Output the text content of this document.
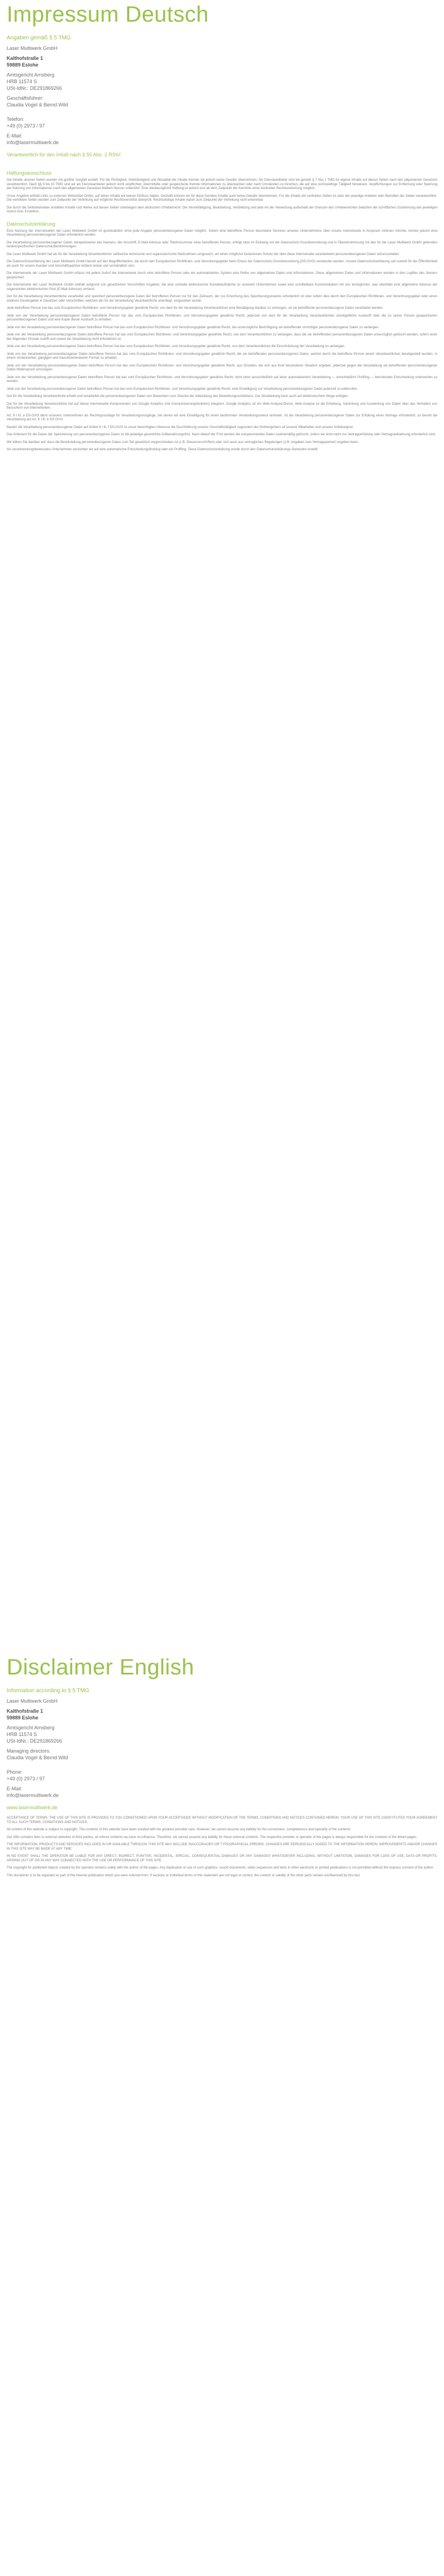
Impressum Deutsch

Angaben gemäß § 5 TMG

Laser Multiwerk GmbH

Kalthofstraße 1

59889 Eslohe

Amtsgericht Arnsberg

HRB 11574 S

USt-IdNr.: DE291869266

Geschäftsführer:

Claudia Vogel & Bernd Wild

Telefon:

+49 (0) 2973 / 97

E-Mail:

info@lasermultiwerk.de

Verantwortlich für den Inhalt nach § 55 Abs. 2 RStV:

Haftungsausschluss

Die Inhalte unserer Seiten wurden mit größter Sorgfalt erstellt. Für die Richtigkeit, Vollständigkeit und Aktualität der Inhalte können wir jedoch keine Gewähr übernehmen. Als Diensteanbieter sind wir gemäß § 7 Abs.1 TMG für eigene Inhalte auf diesen Seiten nach den allgemeinen Gesetzen verantwortlich. Nach §§ 8 bis 10 TMG sind wir als Diensteanbieter jedoch nicht verpflichtet, übermittelte oder gespeicherte fremde Informationen zu überwachen oder nach Umständen zu forschen, die auf eine rechtswidrige Tätigkeit hinweisen. Verpflichtungen zur Entfernung oder Sperrung der Nutzung von Informationen nach den allgemeinen Gesetzen bleiben hiervon unberührt. Eine diesbezügliche Haftung ist jedoch erst ab dem Zeitpunkt der Kenntnis einer konkreten Rechtsverletzung möglich.

Unser Angebot enthält Links zu externen Webseiten Dritter, auf deren Inhalte wir keinen Einfluss haben. Deshalb können wir für diese fremden Inhalte auch keine Gewähr übernehmen. Für die Inhalte der verlinkten Seiten ist stets der jeweilige Anbieter oder Betreiber der Seiten verantwortlich. Die verlinkten Seiten wurden zum Zeitpunkt der Verlinkung auf mögliche Rechtsverstöße überprüft. Rechtswidrige Inhalte waren zum Zeitpunkt der Verlinkung nicht erkennbar.

Die durch die Seitenbetreiber erstellten Inhalte und Werke auf diesen Seiten unterliegen dem deutschen Urheberrecht. Die Vervielfältigung, Bearbeitung, Verbreitung und jede Art der Verwertung außerhalb der Grenzen des Urheberrechtes bedürfen der schriftlichen Zustimmung des jeweiligen Autors bzw. Erstellers.

Datenschutzerklärung

Eine Nutzung der Internetseiten der Laser Multiwerk GmbH ist grundsätzlich ohne jede Angabe personenbezogener Daten möglich. Sofern eine betroffene Person besondere Services unseres Unternehmens über unsere Internetseite in Anspruch nehmen möchte, könnte jedoch eine Verarbeitung personenbezogener Daten erforderlich werden.

Die Verarbeitung personenbezogener Daten, beispielsweise des Namens, der Anschrift, E-Mail-Adresse oder Telefonnummer einer betroffenen Person, erfolgt stets im Einklang mit der Datenschutz-Grundverordnung und in Übereinstimmung mit den für die Laser Multiwerk GmbH geltenden landesspezifischen Datenschutzbestimmungen.

Die Laser Multiwerk GmbH hat als für die Verarbeitung Verantwortlicher zahlreiche technische und organisatorische Maßnahmen umgesetzt, um einen möglichst lückenlosen Schutz der über diese Internetseite verarbeiteten personenbezogenen Daten sicherzustellen.

Die Datenschutzerklärung der Laser Multiwerk GmbH beruht auf den Begrifflichkeiten, die durch den Europäischen Richtlinien- und Verordnungsgeber beim Erlass der Datenschutz-Grundverordnung (DS-GVO) verwendet wurden. Unsere Datenschutzerklärung soll sowohl für die Öffentlichkeit als auch für unsere Kunden und Geschäftspartner einfach lesbar und verständlich sein.

Die Internetseite der Laser Multiwerk GmbH erfasst mit jedem Aufruf der Internetseite durch eine betroffene Person oder ein automatisiertes System eine Reihe von allgemeinen Daten und Informationen. Diese allgemeinen Daten und Informationen werden in den Logfiles des Servers gespeichert.

Die Internetseite der Laser Multiwerk GmbH enthält aufgrund von gesetzlichen Vorschriften Angaben, die eine schnelle elektronische Kontaktaufnahme zu unserem Unternehmen sowie eine unmittelbare Kommunikation mit uns ermöglichen, was ebenfalls eine allgemeine Adresse der sogenannten elektronischen Post (E-Mail-Adresse) umfasst.

Der für die Verarbeitung Verantwortliche verarbeitet und speichert personenbezogene Daten der betroffenen Person nur für den Zeitraum, der zur Erreichung des Speicherungszwecks erforderlich ist oder sofern dies durch den Europäischen Richtlinien- und Verordnungsgeber oder einen anderen Gesetzgeber in Gesetzen oder Vorschriften, welchen der für die Verarbeitung Verantwortliche unterliegt, vorgesehen wurde.

Jede betroffene Person hat das vom Europäischen Richtlinien- und Verordnungsgeber gewährte Recht, von dem für die Verarbeitung Verantwortlichen eine Bestätigung darüber zu verlangen, ob sie betreffende personenbezogene Daten verarbeitet werden.

Jede von der Verarbeitung personenbezogener Daten betroffene Person hat das vom Europäischen Richtlinien- und Verordnungsgeber gewährte Recht, jederzeit von dem für die Verarbeitung Verantwortlichen unentgeltliche Auskunft über die zu seiner Person gespeicherten personenbezogenen Daten und eine Kopie dieser Auskunft zu erhalten.

Jede von der Verarbeitung personenbezogener Daten betroffene Person hat das vom Europäischen Richtlinien- und Verordnungsgeber gewährte Recht, die unverzügliche Berichtigung sie betreffender unrichtiger personenbezogener Daten zu verlangen.

Jede von der Verarbeitung personenbezogener Daten betroffene Person hat das vom Europäischen Richtlinien- und Verordnungsgeber gewährte Recht, von dem Verantwortlichen zu verlangen, dass die sie betreffenden personenbezogenen Daten unverzüglich gelöscht werden, sofern einer der folgenden Gründe zutrifft und soweit die Verarbeitung nicht erforderlich ist.

Jede von der Verarbeitung personenbezogener Daten betroffene Person hat das vom Europäischen Richtlinien- und Verordnungsgeber gewährte Recht, von dem Verantwortlichen die Einschränkung der Verarbeitung zu verlangen.

Jede von der Verarbeitung personenbezogener Daten betroffene Person hat das vom Europäischen Richtlinien- und Verordnungsgeber gewährte Recht, die sie betreffenden personenbezogenen Daten, welche durch die betroffene Person einem Verantwortlichen bereitgestellt wurden, in einem strukturierten, gängigen und maschinenlesbaren Format zu erhalten.

Jede von der Verarbeitung personenbezogener Daten betroffene Person hat das vom Europäischen Richtlinien- und Verordnungsgeber gewährte Recht, aus Gründen, die sich aus ihrer besonderen Situation ergeben, jederzeit gegen die Verarbeitung sie betreffender personenbezogener Daten Widerspruch einzulegen.

Jede von der Verarbeitung personenbezogener Daten betroffene Person hat das vom Europäischen Richtlinien- und Verordnungsgeber gewährte Recht, nicht einer ausschließlich auf einer automatisierten Verarbeitung — einschließlich Profiling — beruhenden Entscheidung unterworfen zu werden.

Jede von der Verarbeitung personenbezogener Daten betroffene Person hat das vom Europäischen Richtlinien- und Verordnungsgeber gewährte Recht, eine Einwilligung zur Verarbeitung personenbezogener Daten jederzeit zu widerrufen.

Der für die Verarbeitung Verantwortliche erhebt und verarbeitet die personenbezogenen Daten von Bewerbern zum Zwecke der Abwicklung des Bewerbungsverfahrens. Die Verarbeitung kann auch auf elektronischem Wege erfolgen.

Der für die Verarbeitung Verantwortliche hat auf dieser Internetseite Komponenten von Google Analytics (mit Anonymisierungsfunktion) integriert. Google Analytics ist ein Web-Analyse-Dienst. Web-Analyse ist die Erhebung, Sammlung und Auswertung von Daten über das Verhalten von Besuchern von Internetseiten.

Art. 6 I lit. a DS-GVO dient unserem Unternehmen als Rechtsgrundlage für Verarbeitungsvorgänge, bei denen wir eine Einwilligung für einen bestimmten Verarbeitungszweck einholen. Ist die Verarbeitung personenbezogener Daten zur Erfüllung eines Vertrags erforderlich, so beruht die Verarbeitung auf Art. 6 I lit. b DS-GVO.

Basiert die Verarbeitung personenbezogener Daten auf Artikel 6 I lit. f DS-GVO ist unser berechtigtes Interesse die Durchführung unserer Geschäftstätigkeit zugunsten des Wohlergehens all unserer Mitarbeiter und unserer Anteilseigner.

Das Kriterium für die Dauer der Speicherung von personenbezogenen Daten ist die jeweilige gesetzliche Aufbewahrungsfrist. Nach Ablauf der Frist werden die entsprechenden Daten routinemäßig gelöscht, sofern sie nicht mehr zur Vertragserfüllung oder Vertragsanbahnung erforderlich sind.

Wir klären Sie darüber auf, dass die Bereitstellung personenbezogener Daten zum Teil gesetzlich vorgeschrieben ist (z.B. Steuervorschriften) oder sich auch aus vertraglichen Regelungen (z.B. Angaben zum Vertragspartner) ergeben kann.

Als verantwortungsbewusstes Unternehmen verzichten wir auf eine automatische Entscheidungsfindung oder ein Profiling. Diese Datenschutzerklärung wurde durch den Datenschutzerklärungs-Generator erstellt.

Disclaimer English

Information according to § 5 TMG

Laser Multiwerk GmbH

Kalthofstraße 1

59889 Eslohe

Amtsgericht Arnsberg

HRB 11574 S

USt-IdNr.: DE291869266

Managing directors:

Claudia Vogel & Bernd Wild

Phone:

+49 (0) 2973 / 97

E-Mail:

info@lasermultiwerk.de

www.lasermultiwerk.de

ACCEPTANCE OF TERMS: THE USE OF THIS SITE IS PROVIDED TO YOU CONDITIONED UPON YOUR ACCEPTANCE WITHOUT MODIFICATION OF THE TERMS, CONDITIONS AND NOTICES CONTAINED HEREIN. YOUR USE OF THIS SITE CONSTITUTES YOUR AGREEMENT TO ALL SUCH TERMS, CONDITIONS AND NOTICES.

All content of this website is subject to copyright. The contents of this website have been created with the greatest possible care. However, we cannot assume any liability for the correctness, completeness and topicality of the contents.

Our offer contains links to external websites of third parties, on whose contents we have no influence. Therefore, we cannot assume any liability for these external contents. The respective provider or operator of the pages is always responsible for the contents of the linked pages.

THE INFORMATION, PRODUCTS AND SERVICES INCLUDED IN OR AVAILABLE THROUGH THIS SITE MAY INCLUDE INACCURACIES OR TYPOGRAPHICAL ERRORS. CHANGES ARE PERIODICALLY ADDED TO THE INFORMATION HEREIN. IMPROVEMENTS AND/OR CHANGES IN THIS SITE MAY BE MADE AT ANY TIME.

IN NO EVENT SHALL THE OPERATOR BE LIABLE FOR ANY DIRECT, INDIRECT, PUNITIVE, INCIDENTAL, SPECIAL, CONSEQUENTIAL DAMAGES OR ANY DAMAGES WHATSOEVER INCLUDING, WITHOUT LIMITATION, DAMAGES FOR LOSS OF USE, DATA OR PROFITS, ARISING OUT OF OR IN ANY WAY CONNECTED WITH THE USE OR PERFORMANCE OF THIS SITE.

The copyright for published objects created by the operator remains solely with the author of the pages. Any duplication or use of such graphics, sound documents, video sequences and texts in other electronic or printed publications is not permitted without the express consent of the author.

This disclaimer is to be regarded as part of the internet publication which you were referred from. If sections or individual terms of this statement are not legal or correct, the content or validity of the other parts remain uninfluenced by this fact.
